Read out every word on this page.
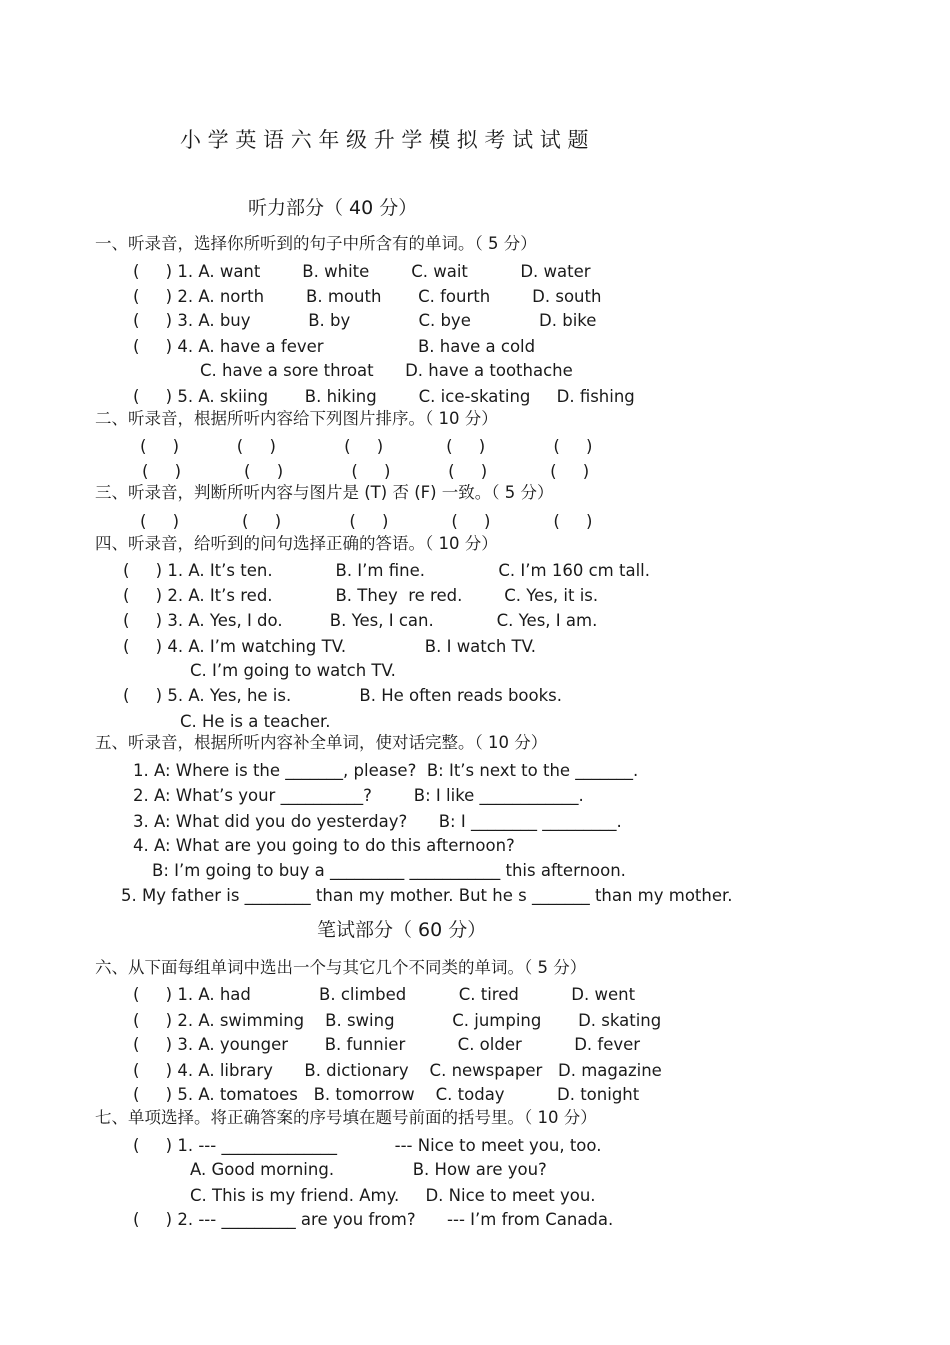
小 学 英 语 六 年 级 升 学 模 拟 考 试 试 题
听力部分（ 40 分）
一、听录音，选择你所听到的句子中所含有的单词。（ 5 分）
(     ) 1. A. want        B. white        C. wait          D. water
(     ) 2. A. north        B. mouth       C. fourth        D. south
(     ) 3. A. buy           B. by             C. bye             D. bike
(     ) 4. A. have a fever                  B. have a cold
C. have a sore throat      D. have a toothache
(     ) 5. A. skiing       B. hiking        C. ice-skating     D. fishing
二、听录音，根据所听内容给下列图片排序。（ 10 分）
(     )           (     )             (     )            (     )             (     )
(     )            (     )             (     )           (     )            (     )
三、听录音，判断所听内容与图片是 (T) 否 (F) 一致。（ 5 分）
(     )            (     )             (     )            (     )            (     )
四、听录音，给听到的问句选择正确的答语。（ 10 分）
(     ) 1. A. It’s ten.            B. I’m fine.              C. I’m 160 cm tall.
(     ) 2. A. It’s red.            B. They  re red.        C. Yes, it is.
(     ) 3. A. Yes, I do.         B. Yes, I can.            C. Yes, I am.
(     ) 4. A. I’m watching TV.               B. I watch TV.
C. I’m going to watch TV.
(     ) 5. A. Yes, he is.             B. He often reads books.
C. He is a teacher.
五、听录音，根据所听内容补全单词，使对话完整。（ 10 分）
1. A: Where is the _______, please?  B: It’s next to the _______.
2. A: What’s your __________?        B: I like ____________.
3. A: What did you do yesterday?      B: I ________ _________.
4. A: What are you going to do this afternoon?
B: I’m going to buy a _________ ___________ this afternoon.
5. My father is ________ than my mother. But he s _______ than my mother.
笔试部分（ 60 分）
六、从下面每组单词中选出一个与其它几个不同类的单词。（ 5 分）
(     ) 1. A. had             B. climbed          C. tired          D. went
(     ) 2. A. swimming    B. swing           C. jumping       D. skating
(     ) 3. A. younger       B. funnier          C. older          D. fever
(     ) 4. A. library      B. dictionary    C. newspaper   D. magazine
(     ) 5. A. tomatoes   B. tomorrow    C. today          D. tonight
七、单项选择。将正确答案的序号填在题号前面的括号里。（ 10 分）
(     ) 1. --- ______________           --- Nice to meet you, too.
A. Good morning.               B. How are you?
C. This is my friend. Amy.     D. Nice to meet you.
(     ) 2. --- _________ are you from?      --- I’m from Canada.
